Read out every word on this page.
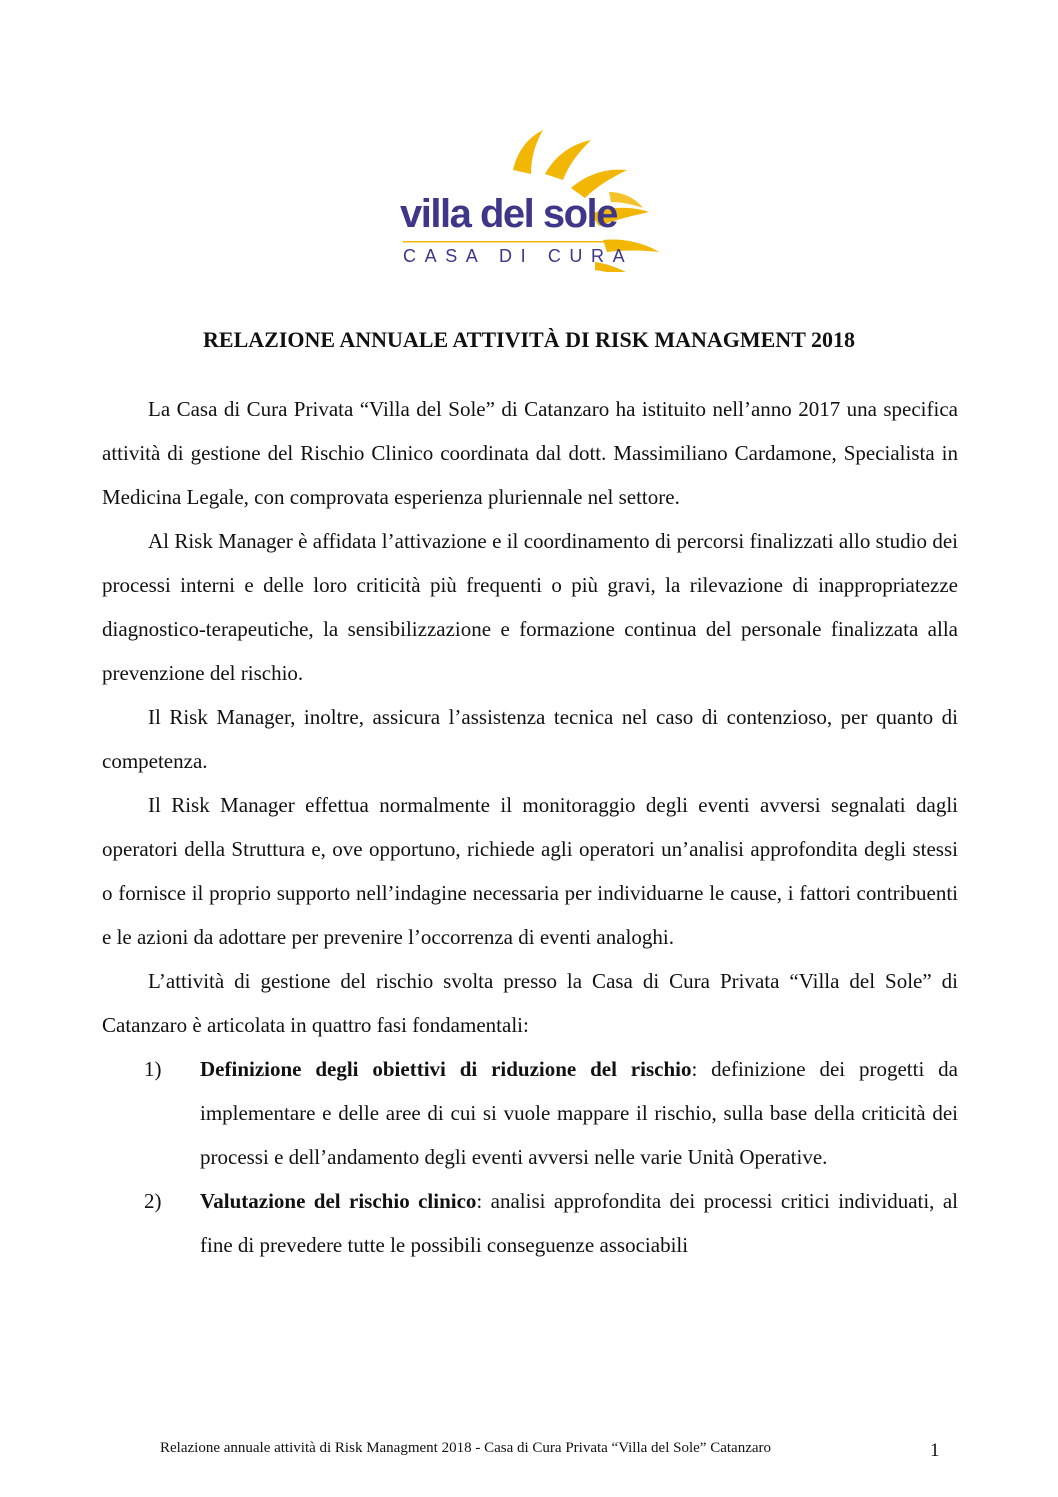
villa del sole
CASA DI CURA
RELAZIONE ANNUALE ATTIVITÀ DI RISK MANAGMENT 2018

La Casa di Cura Privata “Villa del Sole” di Catanzaro ha istituito nell’anno 2017 una specifica attività di gestione del Rischio Clinico coordinata dal dott. Massimiliano Cardamone, Specialista in Medicina Legale, con comprovata esperienza pluriennale nel settore.

Al Risk Manager è affidata l’attivazione e il coordinamento di percorsi finalizzati allo studio dei processi interni e delle loro criticità più frequenti o più gravi, la rilevazione di inappropriatezze diagnostico-terapeutiche, la sensibilizzazione e formazione continua del personale finalizzata alla prevenzione del rischio.

Il Risk Manager, inoltre, assicura l’assistenza tecnica nel caso di contenzioso, per quanto di competenza.

Il Risk Manager effettua normalmente il monitoraggio degli eventi avversi segnalati dagli operatori della Struttura e, ove opportuno, richiede agli operatori un’analisi approfondita degli stessi o fornisce il proprio supporto nell’indagine necessaria per individuarne le cause, i fattori contribuenti e le azioni da adottare per prevenire l’occorrenza di eventi analoghi.

L’attività di gestione del rischio svolta presso la Casa di Cura Privata “Villa del Sole” di Catanzaro è articolata in quattro fasi fondamentali:

1) Definizione degli obiettivi di riduzione del rischio: definizione dei progetti da implementare e delle aree di cui si vuole mappare il rischio, sulla base della criticità dei processi e dell’andamento degli eventi avversi nelle varie Unità Operative.
2) Valutazione del rischio clinico: analisi approfondita dei processi critici individuati, al fine di prevedere tutte le possibili conseguenze associabili
Relazione annuale attività di Risk Managment 2018 - Casa di Cura Privata “Villa del Sole” Catanzaro	1
